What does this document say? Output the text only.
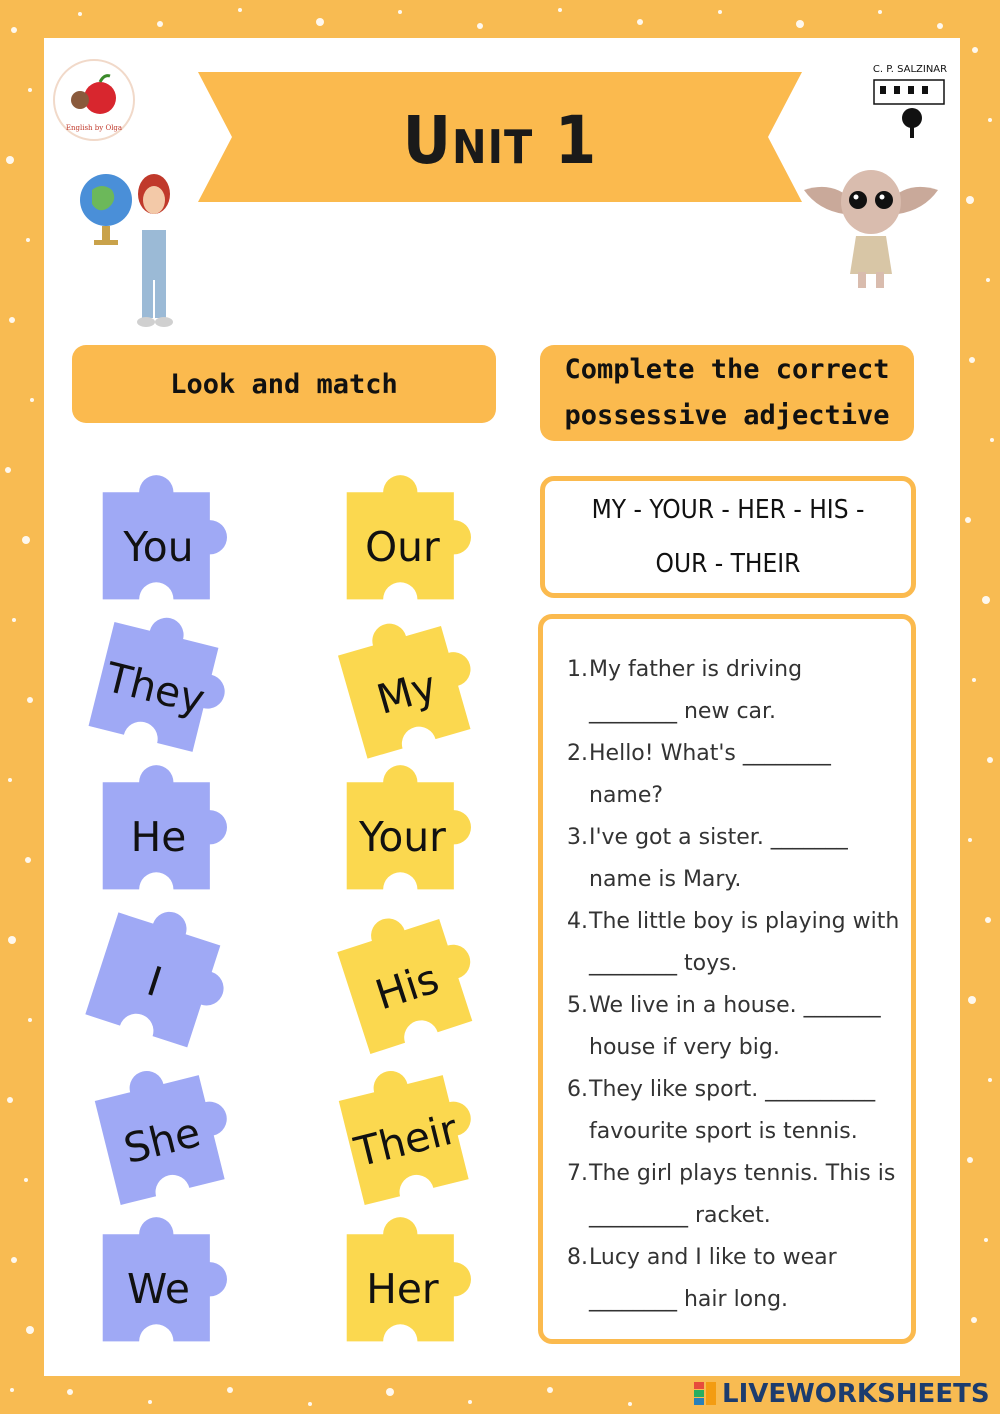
Unit 1
English by Olga
C. P. SALZINAR
Look and match	Complete the correct
possessive adjective
MY - YOUR - HER - HIS -
OUR - THEIR
1. My father is driving
________ new car.
2. Hello! What's ________
name?
3. I've got a sister. _______
name is Mary.
4. The little boy is playing with
________ toys.
5. We live in a house. _______
house if very big.
6. They like sport. __________
favourite sport is tennis.
7. The girl plays tennis. This is
_________ racket.
8. Lucy and I like to wear
________ hair long.
You
They
He
I
She
We
Our
My
Your
His
Their
Her
LIVEWORKSHEETS
